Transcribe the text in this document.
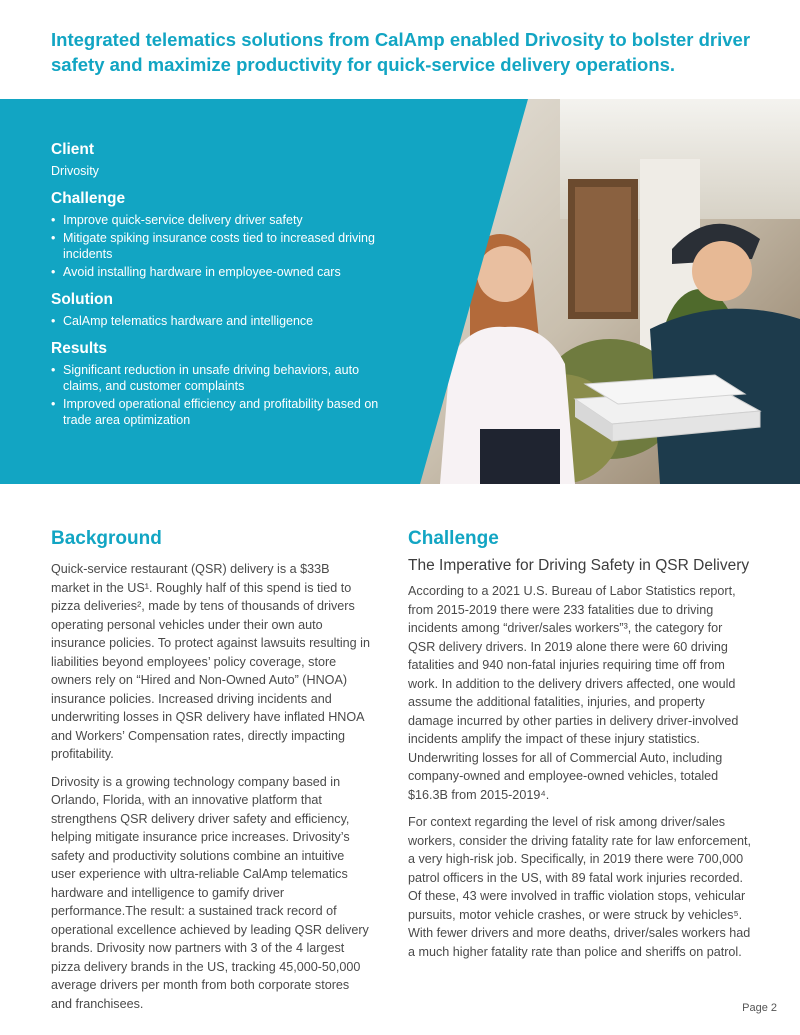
Integrated telematics solutions from CalAmp enabled Drivosity to bolster driver safety and maximize productivity for quick-service delivery operations.
Client
Drivosity
Challenge
• Improve quick-service delivery driver safety
• Mitigate spiking insurance costs tied to increased driving incidents
• Avoid installing hardware in employee-owned cars
Solution
• CalAmp telematics hardware and intelligence
Results
• Significant reduction in unsafe driving behaviors, auto claims, and customer complaints
• Improved operational efficiency and profitability based on trade area optimization
Background

Quick-service restaurant (QSR) delivery is a $33B market in the US¹. Roughly half of this spend is tied to pizza deliveries², made by tens of thousands of drivers operating personal vehicles under their own auto insurance policies. To protect against lawsuits resulting in liabilities beyond employees’ policy coverage, store owners rely on “Hired and Non-Owned Auto” (HNOA) insurance policies. Increased driving incidents and underwriting losses in QSR delivery have inflated HNOA and Workers’ Compensation rates, directly impacting profitability.

Drivosity is a growing technology company based in Orlando, Florida, with an innovative platform that strengthens QSR delivery driver safety and efficiency, helping mitigate insurance price increases. Drivosity’s safety and productivity solutions combine an intuitive user experience with ultra-reliable CalAmp telematics hardware and intelligence to gamify driver performance.The result: a sustained track record of operational excellence achieved by leading QSR delivery brands. Drivosity now partners with 3 of the 4 largest pizza delivery brands in the US, tracking 45,000-50,000 average drivers per month from both corporate stores and franchisees.

Challenge
The Imperative for Driving Safety in QSR Delivery

According to a 2021 U.S. Bureau of Labor Statistics report, from 2015-2019 there were 233 fatalities due to driving incidents among “driver/sales workers”³, the category for QSR delivery drivers. In 2019 alone there were 60 driving fatalities and 940 non-fatal injuries requiring time off from work. In addition to the delivery drivers affected, one would assume the additional fatalities, injuries, and property damage incurred by other parties in delivery driver-involved incidents amplify the impact of these injury statistics. Underwriting losses for all of Commercial Auto, including company-owned and employee-owned vehicles, totaled $16.3B from 2015-2019⁴.

For context regarding the level of risk among driver/sales workers, consider the driving fatality rate for law enforcement, a very high-risk job. Specifically, in 2019 there were 700,000 patrol officers in the US, with 89 fatal work injuries recorded. Of these, 43 were involved in traffic violation stops, vehicular pursuits, motor vehicle crashes, or were struck by vehicles⁵. With fewer drivers and more deaths, driver/sales workers had a much higher fatality rate than police and sheriffs on patrol.

Page 2
